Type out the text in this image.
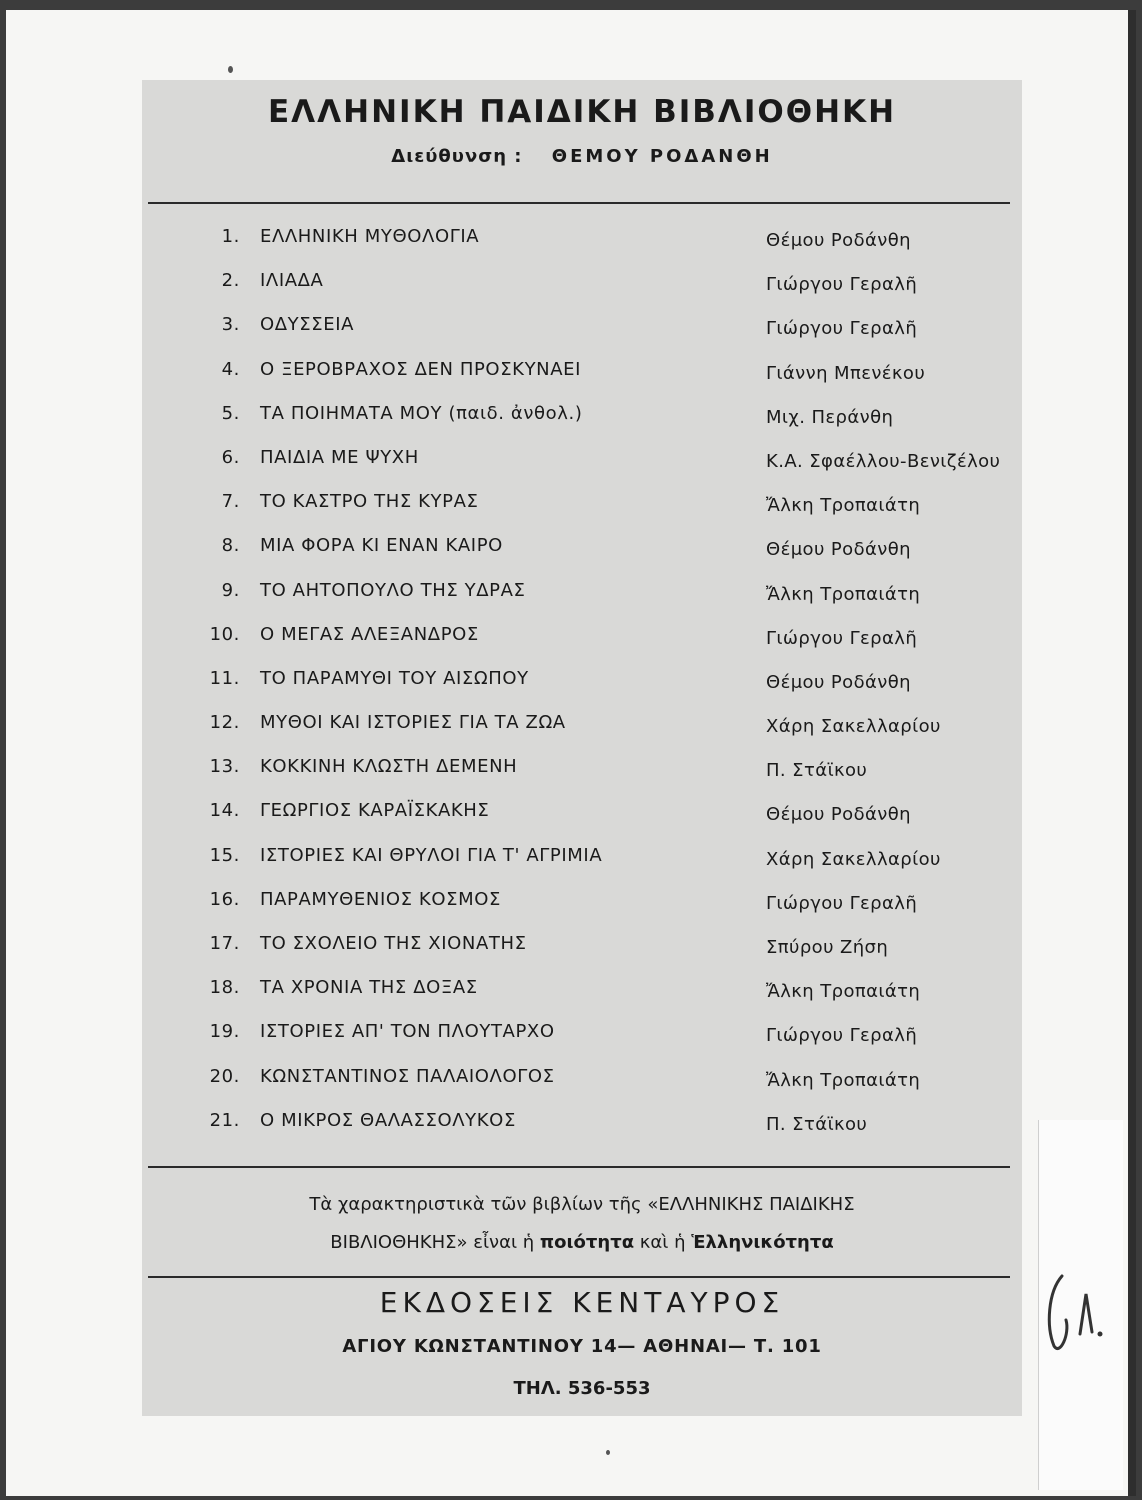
ΕΛΛΗΝΙΚΗ ΠΑΙΔΙΚΗ ΒΙΒΛΙΟΘΗΚΗ
Διεύθυνση : ΘΕΜΟΥ ΡΟΔΑΝΘΗ
1. ΕΛΛΗΝΙΚΗ ΜΥΘΟΛΟΓΙΑ	Θέμου Ροδάνθη
2. ΙΛΙΑΔΑ	Γιώργου Γεραλῆ
3. ΟΔΥΣΣΕΙΑ	Γιώργου Γεραλῆ
4. Ο ΞΕΡΟΒΡΑΧΟΣ ΔΕΝ ΠΡΟΣΚΥΝΑΕΙ	Γιάννη Μπενέκου
5. ΤΑ ΠΟΙΗΜΑΤΑ ΜΟΥ (παιδ. ἀνθολ.)	Μιχ. Περάνθη
6. ΠΑΙΔΙΑ ΜΕ ΨΥΧΗ	Κ.Α. Σφαέλλου-Βενιζέλου
7. ΤΟ ΚΑΣΤΡΟ ΤΗΣ ΚΥΡΑΣ	Ἄλκη Τροπαιάτη
8. ΜΙΑ ΦΟΡΑ ΚΙ ΕΝΑΝ ΚΑΙΡΟ	Θέμου Ροδάνθη
9. ΤΟ ΑΗΤΟΠΟΥΛΟ ΤΗΣ ΥΔΡΑΣ	Ἄλκη Τροπαιάτη
10. Ο ΜΕΓΑΣ ΑΛΕΞΑΝΔΡΟΣ	Γιώργου Γεραλῆ
11. ΤΟ ΠΑΡΑΜΥΘΙ ΤΟΥ ΑΙΣΩΠΟΥ	Θέμου Ροδάνθη
12. ΜΥΘΟΙ ΚΑΙ ΙΣΤΟΡΙΕΣ ΓΙΑ ΤΑ ΖΩΑ	Χάρη Σακελλαρίου
13. ΚΟΚΚΙΝΗ ΚΛΩΣΤΗ ΔΕΜΕΝΗ	Π. Στάϊκου
14. ΓΕΩΡΓΙΟΣ ΚΑΡΑΪΣΚΑΚΗΣ	Θέμου Ροδάνθη
15. ΙΣΤΟΡΙΕΣ ΚΑΙ ΘΡΥΛΟΙ ΓΙΑ Τ' ΑΓΡΙΜΙΑ	Χάρη Σακελλαρίου
16. ΠΑΡΑΜΥΘΕΝΙΟΣ ΚΟΣΜΟΣ	Γιώργου Γεραλῆ
17. ΤΟ ΣΧΟΛΕΙΟ ΤΗΣ ΧΙΟΝΑΤΗΣ	Σπύρου Ζήση
18. ΤΑ ΧΡΟΝΙΑ ΤΗΣ ΔΟΞΑΣ	Ἄλκη Τροπαιάτη
19. ΙΣΤΟΡΙΕΣ ΑΠ' ΤΟΝ ΠΛΟΥΤΑΡΧΟ	Γιώργου Γεραλῆ
20. ΚΩΝΣΤΑΝΤΙΝΟΣ ΠΑΛΑΙΟΛΟΓΟΣ	Ἄλκη Τροπαιάτη
21. Ο ΜΙΚΡΟΣ ΘΑΛΑΣΣΟΛΥΚΟΣ	Π. Στάϊκου
Τὰ χαρακτηριστικὰ τῶν βιβλίων τῆς «ΕΛΛΗΝΙΚΗΣ ΠΑΙΔΙΚΗΣ
ΒΙΒΛΙΟΘΗΚΗΣ» εἶναι ἡ ποιότητα καὶ ἡ Ἑλληνικότητα
ΕΚΔΟΣΕΙΣ ΚΕΝΤΑΥΡΟΣ
ΑΓΙΟΥ ΚΩΝΣΤΑΝΤΙΝΟΥ 14— ΑΘΗΝΑΙ— Τ. 101
ΤΗΛ. 536-553
